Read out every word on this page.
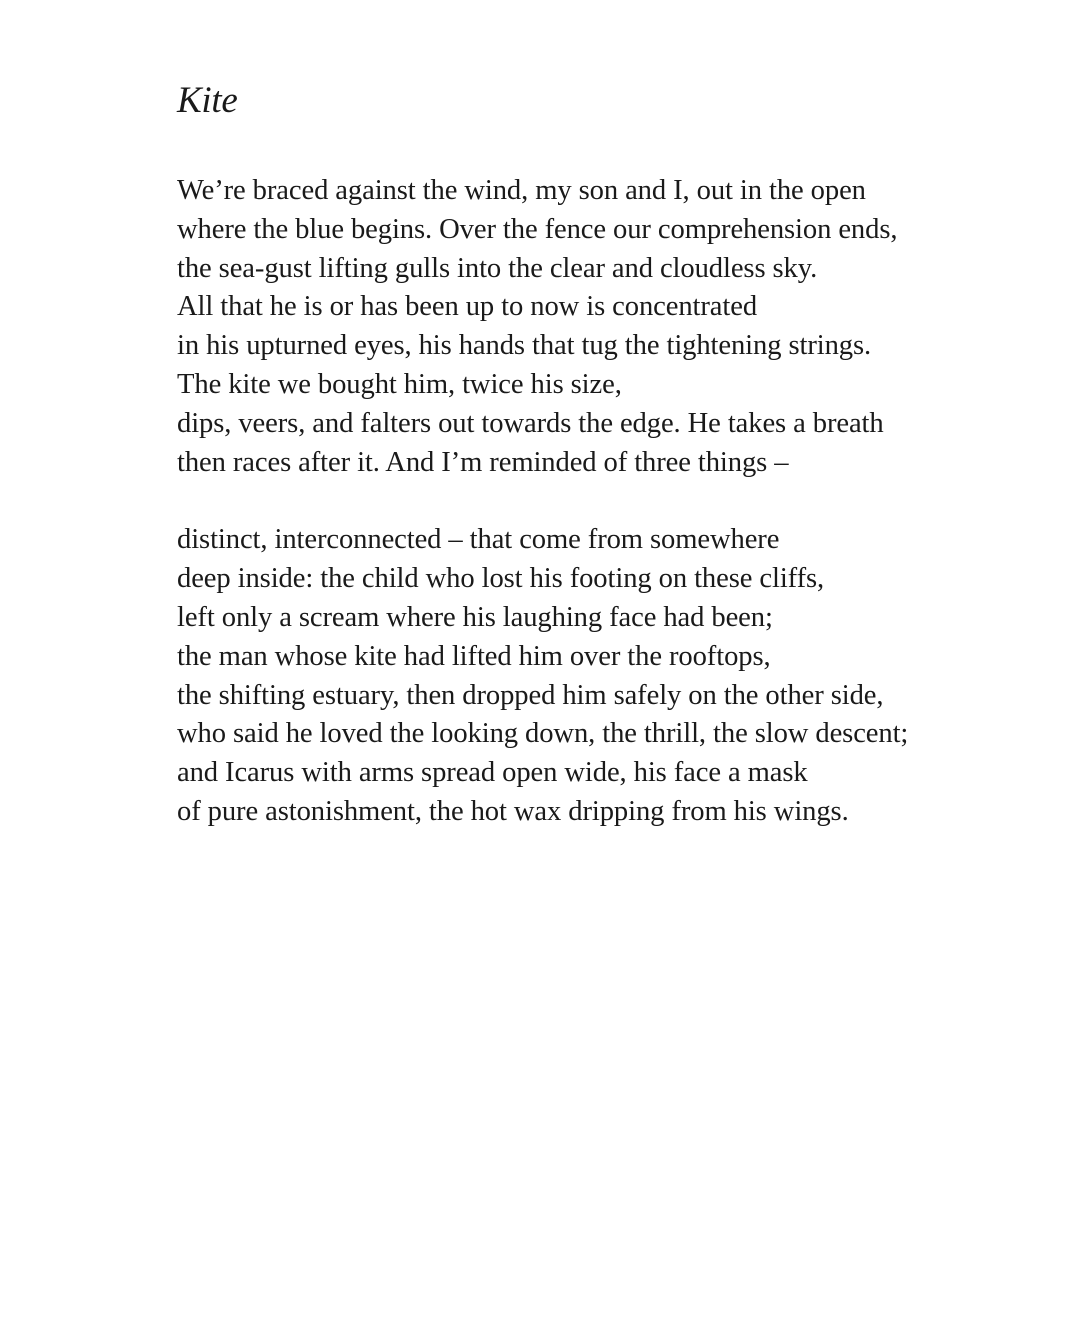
Kite
We’re braced against the wind, my son and I, out in the open
where the blue begins. Over the fence our comprehension ends,
the sea-gust lifting gulls into the clear and cloudless sky.
All that he is or has been up to now is concentrated
in his upturned eyes, his hands that tug the tightening strings.
The kite we bought him, twice his size,
dips, veers, and falters out towards the edge. He takes a breath
then races after it. And I’m reminded of three things –
distinct, interconnected – that come from somewhere
deep inside: the child who lost his footing on these cliffs,
left only a scream where his laughing face had been;
the man whose kite had lifted him over the rooftops,
the shifting estuary, then dropped him safely on the other side,
who said he loved the looking down, the thrill, the slow descent;
and Icarus with arms spread open wide, his face a mask
of pure astonishment, the hot wax dripping from his wings.
